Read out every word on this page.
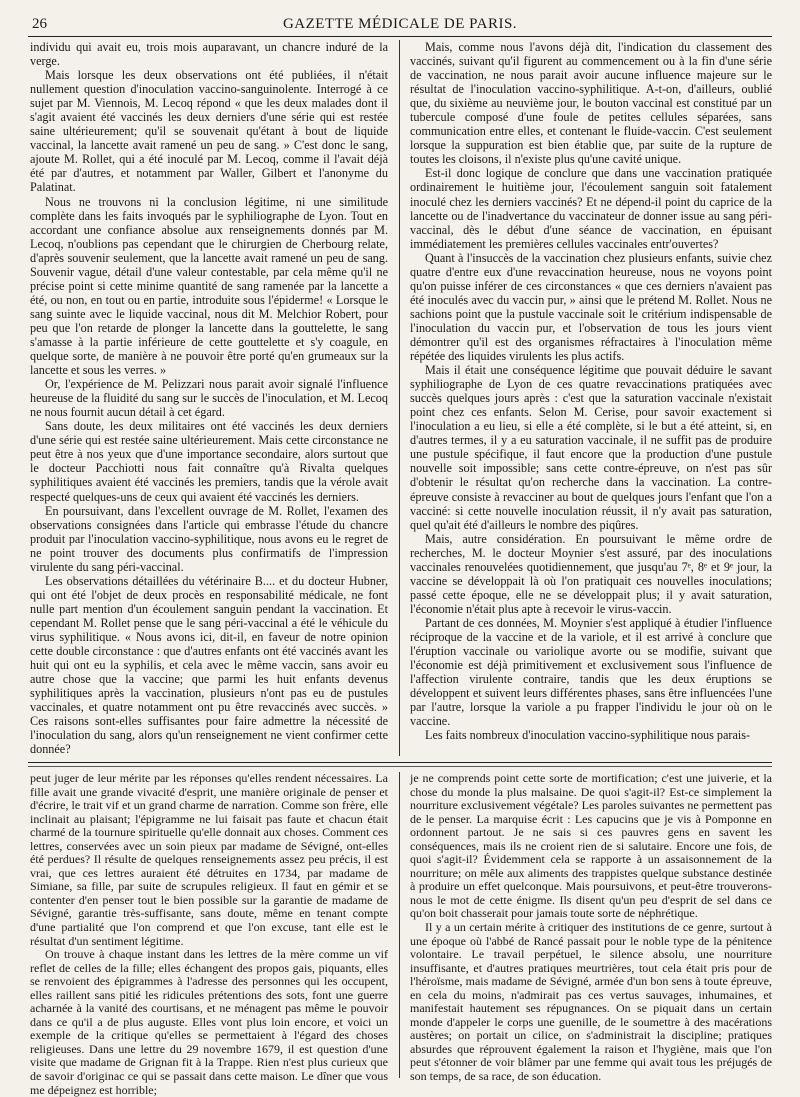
26	GAZETTE MÉDICALE DE PARIS.

individu qui avait eu, trois mois auparavant, un chancre induré de la verge.

Mais lorsque les deux observations ont été publiées, il n'était nullement question d'inoculation vaccino-sanguinolente. Interrogé à ce sujet par M. Viennois, M. Lecoq répond « que les deux malades dont il s'agit avaient été vaccinés les deux derniers d'une série qui est restée saine ultérieurement; qu'il se souvenait qu'étant à bout de liquide vaccinal, la lancette avait ramené un peu de sang. » C'est donc le sang, ajoute M. Rollet, qui a été inoculé par M. Lecoq, comme il l'avait déjà été par d'autres, et notamment par Waller, Gilbert et l'anonyme du Palatinat.

Nous ne trouvons ni la conclusion légitime, ni une similitude complète dans les faits invoqués par le syphiliographe de Lyon. Tout en accordant une confiance absolue aux renseignements donnés par M. Lecoq, n'oublions pas cependant que le chirurgien de Cherbourg relate, d'après souvenir seulement, que la lancette avait ramené un peu de sang. Souvenir vague, détail d'une valeur contestable, par cela même qu'il ne précise point si cette minime quantité de sang ramenée par la lancette a été, ou non, en tout ou en partie, introduite sous l'épiderme! « Lorsque le sang suinte avec le liquide vaccinal, nous dit M. Melchior Robert, pour peu que l'on retarde de plonger la lancette dans la gouttelette, le sang s'amasse à la partie inférieure de cette gouttelette et s'y coagule, en quelque sorte, de manière à ne pouvoir être porté qu'en grumeaux sur la lancette et sous les verres. »

Or, l'expérience de M. Pelizzari nous parait avoir signalé l'influence heureuse de la fluidité du sang sur le succès de l'inoculation, et M. Lecoq ne nous fournit aucun détail à cet égard.

Sans doute, les deux militaires ont été vaccinés les deux derniers d'une série qui est restée saine ultérieurement. Mais cette circonstance ne peut être à nos yeux que d'une importance secondaire, alors surtout que le docteur Pacchiotti nous fait connaître qu'à Rivalta quelques syphilitiques avaient été vaccinés les premiers, tandis que la vérole avait respecté quelques-uns de ceux qui avaient été vaccinés les derniers.

En poursuivant, dans l'excellent ouvrage de M. Rollet, l'examen des observations consignées dans l'article qui embrasse l'étude du chancre produit par l'inoculation vaccino-syphilitique, nous avons eu le regret de ne point trouver des documents plus confirmatifs de l'impression virulente du sang péri-vaccinal.

Les observations détaillées du vétérinaire B.... et du docteur Hubner, qui ont été l'objet de deux procès en responsabilité médicale, ne font nulle part mention d'un écoulement sanguin pendant la vaccination. Et cependant M. Rollet pense que le sang péri-vaccinal a été le véhicule du virus syphilitique. « Nous avons ici, dit-il, en faveur de notre opinion cette double circonstance : que d'autres enfants ont été vaccinés avant les huit qui ont eu la syphilis, et cela avec le même vaccin, sans avoir eu autre chose que la vaccine; que parmi les huit enfants devenus syphilitiques après la vaccination, plusieurs n'ont pas eu de pustules vaccinales, et quatre notamment ont pu être revaccinés avec succès. » Ces raisons sont-elles suffisantes pour faire admettre la nécessité de l'inoculation du sang, alors qu'un renseignement ne vient confirmer cette donnée?

Mais, comme nous l'avons déjà dit, l'indication du classement des vaccinés, suivant qu'il figurent au commencement ou à la fin d'une série de vaccination, ne nous parait avoir aucune influence majeure sur le résultat de l'inoculation vaccino-syphilitique. A-t-on, d'ailleurs, oublié que, du sixième au neuvième jour, le bouton vaccinal est constitué par un tubercule composé d'une foule de petites cellules séparées, sans communication entre elles, et contenant le fluide-vaccin. C'est seulement lorsque la suppuration est bien établie que, par suite de la rupture de toutes les cloisons, il n'existe plus qu'une cavité unique.

Est-il donc logique de conclure que dans une vaccination pratiquée ordinairement le huitième jour, l'écoulement sanguin soit fatalement inoculé chez les derniers vaccinés? Et ne dépend-il point du caprice de la lancette ou de l'inadvertance du vaccinateur de donner issue au sang péri-vaccinal, dès le début d'une séance de vaccination, en épuisant immédiatement les premières cellules vaccinales entr'ouvertes?

Quant à l'insuccès de la vaccination chez plusieurs enfants, suivie chez quatre d'entre eux d'une revaccination heureuse, nous ne voyons point qu'on puisse inférer de ces circonstances « que ces derniers n'avaient pas été inoculés avec du vaccin pur, » ainsi que le prétend M. Rollet. Nous ne sachions point que la pustule vaccinale soit le critérium indispensable de l'inoculation du vaccin pur, et l'observation de tous les jours vient démontrer qu'il est des organismes réfractaires à l'inoculation même répétée des liquides virulents les plus actifs.

Mais il était une conséquence légitime que pouvait déduire le savant syphiliographe de Lyon de ces quatre revaccinations pratiquées avec succès quelques jours après : c'est que la saturation vaccinale n'existait point chez ces enfants. Selon M. Cerise, pour savoir exactement si l'inoculation a eu lieu, si elle a été complète, si le but a été atteint, si, en d'autres termes, il y a eu saturation vaccinale, il ne suffit pas de produire une pustule spécifique, il faut encore que la production d'une pustule nouvelle soit impossible; sans cette contre-épreuve, on n'est pas sûr d'obtenir le résultat qu'on recherche dans la vaccination. La contre-épreuve consiste à revacciner au bout de quelques jours l'enfant que l'on a vacciné: si cette nouvelle inoculation réussit, il n'y avait pas saturation, quel qu'ait été d'ailleurs le nombre des piqûres.

Mais, autre considération. En poursuivant le même ordre de recherches, M. le docteur Moynier s'est assuré, par des inoculations vaccinales renouvelées quotidiennement, que jusqu'au 7ᵉ, 8ᵉ et 9ᵉ jour, la vaccine se développait là où l'on pratiquait ces nouvelles inoculations; passé cette époque, elle ne se développait plus; il y avait saturation, l'économie n'était plus apte à recevoir le virus-vaccin.

Partant de ces données, M. Moynier s'est appliqué à étudier l'influence réciproque de la vaccine et de la variole, et il est arrivé à conclure que l'éruption vaccinale ou variolique avorte ou se modifie, suivant que l'économie est déjà primitivement et exclusivement sous l'influence de l'affection virulente contraire, tandis que les deux éruptions se développent et suivent leurs différentes phases, sans être influencées l'une par l'autre, lorsque la variole a pu frapper l'individu le jour où on le vaccine.

Les faits nombreux d'inoculation vaccino-syphilitique nous parais-

peut juger de leur mérite par les réponses qu'elles rendent nécessaires. La fille avait une grande vivacité d'esprit, une manière originale de penser et d'écrire, le trait vif et un grand charme de narration. Comme son frère, elle inclinait au plaisant; l'épigramme ne lui faisait pas faute et chacun était charmé de la tournure spirituelle qu'elle donnait aux choses. Comment ces lettres, conservées avec un soin pieux par madame de Sévigné, ont-elles été perdues? Il résulte de quelques renseignements assez peu précis, il est vrai, que ces lettres auraient été détruites en 1734, par madame de Simiane, sa fille, par suite de scrupules religieux. Il faut en gémir et se contenter d'en penser tout le bien possible sur la garantie de madame de Sévigné, garantie très-suffisante, sans doute, même en tenant compte d'une partialité que l'on comprend et que l'on excuse, tant elle est le résultat d'un sentiment légitime.

On trouve à chaque instant dans les lettres de la mère comme un vif reflet de celles de la fille; elles échangent des propos gais, piquants, elles se renvoient des épigrammes à l'adresse des personnes qui les occupent, elles raillent sans pitié les ridicules prétentions des sots, font une guerre acharnée à la vanité des courtisans, et ne ménagent pas même le pouvoir dans ce qu'il a de plus auguste. Elles vont plus loin encore, et voici un exemple de la critique qu'elles se permettaient à l'égard des choses religieuses. Dans une lettre du 29 novembre 1679, il est question d'une visite que madame de Grignan fit à la Trappe. Rien n'est plus curieux que de savoir d'originac ce qui se passait dans cette maison. Le dîner que vous me dépeignez est horrible;

je ne comprends point cette sorte de mortification; c'est une juiverie, et la chose du monde la plus malsaine. De quoi s'agit-il? Est-ce simplement la nourriture exclusivement végétale? Les paroles suivantes ne permettent pas de le penser. La marquise écrit : Les capucins que je vis à Pomponne en ordonnent partout. Je ne sais si ces pauvres gens en savent les conséquences, mais ils ne croient rien de si salutaire. Encore une fois, de quoi s'agit-il? Évidemment cela se rapporte à un assaisonnement de la nourriture; on mêle aux aliments des trappistes quelque substance destinée à produire un effet quelconque. Mais poursuivons, et peut-être trouverons-nous le mot de cette énigme. Ils disent qu'un peu d'esprit de sel dans ce qu'on boit chasserait pour jamais toute sorte de néphrétique.

Il y a un certain mérite à critiquer des institutions de ce genre, surtout à une époque où l'abbé de Rancé passait pour le noble type de la pénitence volontaire. Le travail perpétuel, le silence absolu, une nourriture insuffisante, et d'autres pratiques meurtrières, tout cela était pris pour de l'héroïsme, mais madame de Sévigné, armée d'un bon sens à toute épreuve, en cela du moins, n'admirait pas ces vertus sauvages, inhumaines, et manifestait hautement ses répugnances. On se piquait dans un certain monde d'appeler le corps une guenille, de le soumettre à des macérations austères; on portait un cilice, on s'administrait la discipline; pratiques absurdes que réprouvent également la raison et l'hygiène, mais que l'on peut s'étonner de voir blâmer par une femme qui avait tous les préjugés de son temps, de sa race, de son éducation.
